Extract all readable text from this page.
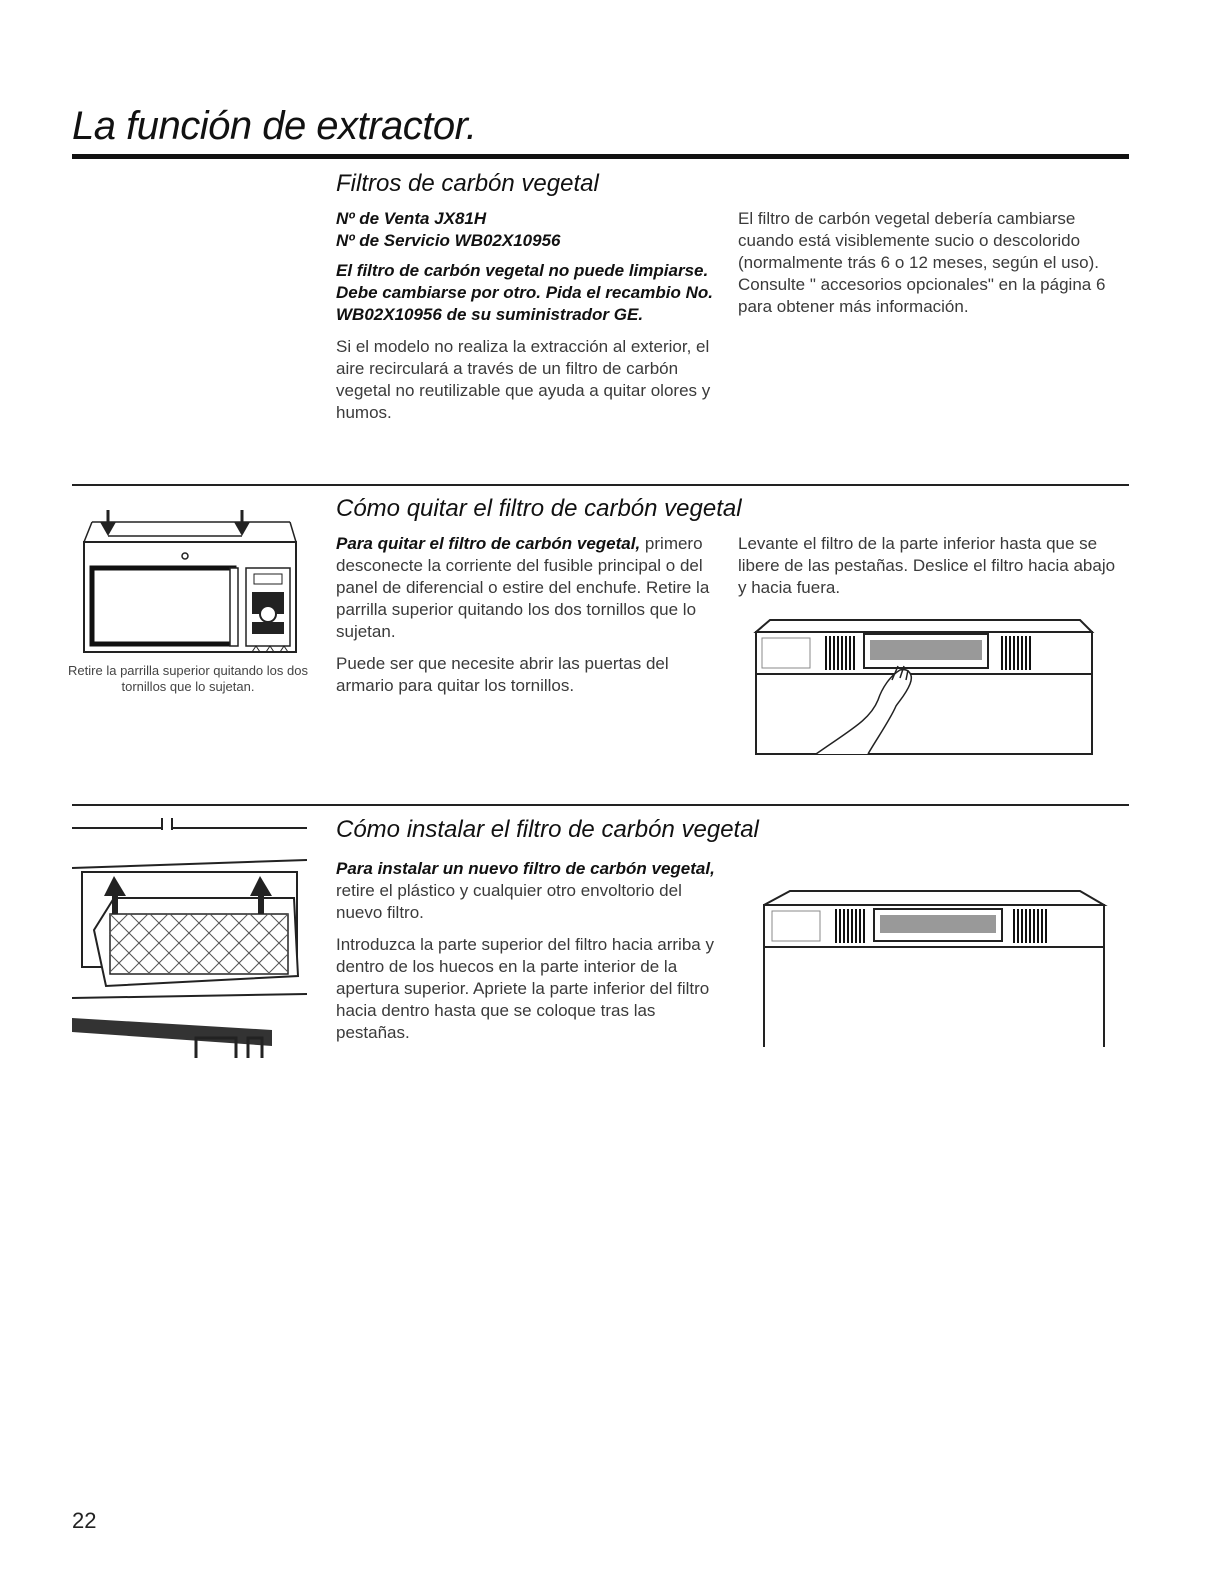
La función de extractor.
Filtros de carbón vegetal

Nº de Venta JX81H

Nº de Servicio WB02X10956

El filtro de carbón vegetal no puede limpiarse. Debe cambiarse por otro. Pida el recambio No. WB02X10956 de su suministrador GE.

Si el modelo no realiza la extracción al exterior, el aire recirculará a través de un filtro de carbón vegetal no reutilizable que ayuda a quitar olores y humos.

El filtro de carbón vegetal debería cambiarse cuando está visiblemente sucio o descolorido (normalmente trás 6 o 12 meses, según el uso). Consulte " accesorios opcionales" en la página 6 para obtener más información.

Cómo quitar el filtro de carbón vegetal
Retire la parrilla superior quitando los dos tornillos que lo sujetan.

Para quitar el filtro de carbón vegetal, primero desconecte la corriente del fusible principal o del panel de diferencial o estire del enchufe. Retire la parrilla superior quitando los dos tornillos que lo sujetan.

Puede ser que necesite abrir las puertas del armario para quitar los tornillos.

Levante el filtro de la parte inferior hasta que se libere de las pestañas. Deslice el filtro hacia abajo y hacia fuera.

Cómo instalar el filtro de carbón vegetal

Para instalar un nuevo filtro de carbón vegetal, retire el plástico y cualquier otro envoltorio del nuevo filtro.

Introduzca la parte superior del filtro hacia arriba y dentro de los huecos en la parte interior de la apertura superior. Apriete la parte inferior del filtro hacia dentro hasta que se coloque tras las pestañas.

22
